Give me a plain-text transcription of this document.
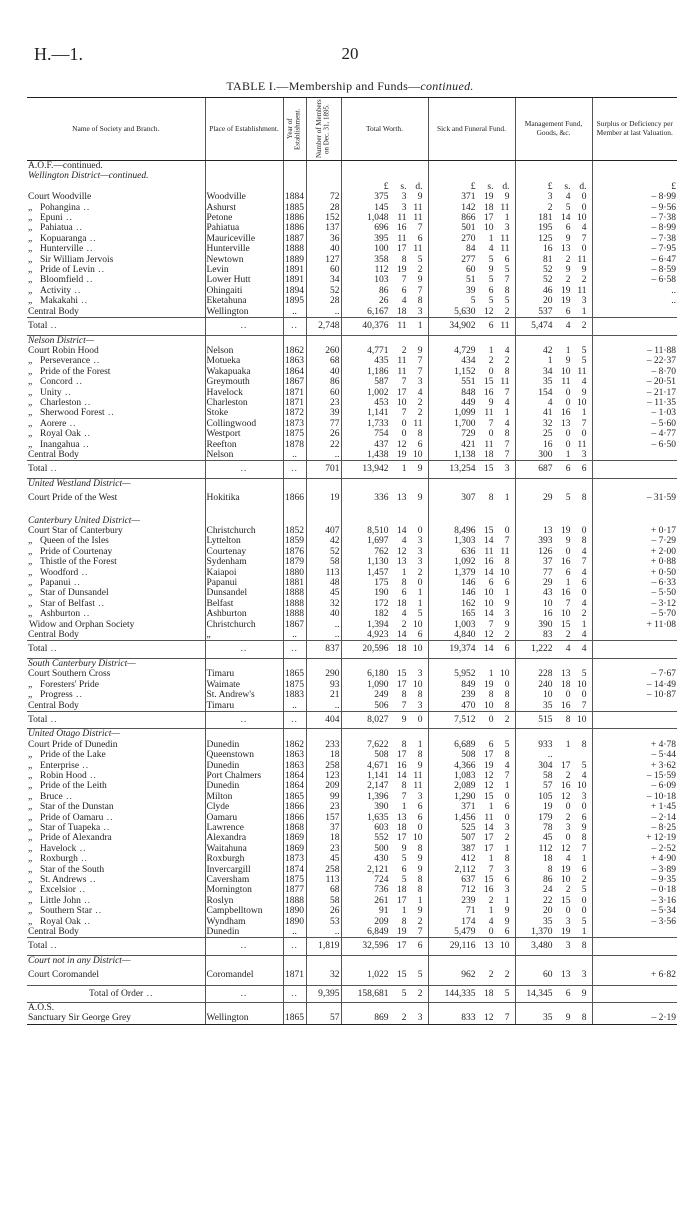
H.—1.	20
TABLE I.—Membership and Funds—continued.
Name of Society and Branch.	Place of Establishment.	Year of Establishment.	Number of Members on Dec. 31, 1895.	Total Worth.	Sick and Funeral Fund.	Management Fund, Goods, &c.	Surplus or Deficiency per Member at last Valuation.
A.O.F.—continued.							
Wellington District—continued.							

				£ s. d.	£ s. d.	£ s. d.	£
Court Woodville	Woodville	1884	72	375 3 9	371 19 9	3 4 0	– 8·99
„ Pohangina ..	Ashurst	1885	28	145 3 11	142 18 11	2 5 0	– 9·56
„ Epuni ..	Petone	1886	152	1,048 11 11	866 17 1	181 14 10	– 7·38
„ Pahiatua ..	Pahiatua	1886	137	696 16 7	501 10 3	195 6 4	– 8·99
„ Kopuaranga ..	Mauriceville	1887	36	395 11 6	270 1 11	125 9 7	– 7·38
„ Hunterville ..	Hunterville	1888	40	100 17 11	84 4 11	16 13 0	– 7·95
„ Sir William Jervois	Newtown	1889	127	358 8 5	277 5 6	81 2 11	– 6·47
„ Pride of Levin ..	Levin	1891	60	112 19 2	60 9 5	52 9 9	– 8·59
„ Bloomfield ..	Lower Hutt	1891	34	103 7 9	51 5 7	52 2 2	– 6·58
„ Activity ..	Ohingaiti	1894	52	86 6 7	39 6 8	46 19 11	..
„ Makakahi ..	Eketahuna	1895	28	26 4 8	5 5 5	20 19 3	..
Central Body	Wellington	..	..	6,167 18 3	5,630 12 2	537 6 1	

Total ..	..	..	2,748	40,376 11 1	34,902 6 11	5,474 4 2	

Nelson District—							
Court Robin Hood	Nelson	1862	260	4,771 2 9	4,729 1 4	42 1 5	– 11·88
„ Perseverance ..	Motueka	1863	68	435 11 7	434 2 2	1 9 5	– 22·37
„ Pride of the Forest	Wakapuaka	1864	40	1,186 11 7	1,152 0 8	34 10 11	– 8·70
„ Concord ..	Greymouth	1867	86	587 7 3	551 15 11	35 11 4	– 20·51
„ Unity ..	Havelock	1871	60	1,002 17 4	848 16 7	154 0 9	– 21·17
„ Charleston ..	Charleston	1871	23	453 10 2	449 9 4	4 0 10	– 11·35
„ Sherwood Forest ..	Stoke	1872	39	1,141 7 2	1,099 11 1	41 16 1	– 1·03
„ Aorere ..	Collingwood	1873	77	1,733 0 11	1,700 7 4	32 13 7	– 5·60
„ Royal Oak ..	Westport	1875	26	754 0 8	729 0 8	25 0 0	– 4·77
„ Inangahua ..	Reefton	1878	22	437 12 6	421 11 7	16 0 11	– 6·50
Central Body	Nelson	..	..	1,438 19 10	1,138 18 7	300 1 3	

Total ..	..	..	701	13,942 1 9	13,254 15 3	687 6 6	

United Westland District—							
Court Pride of the West	Hokitika	1866	19	336 13 9	307 8 1	29 5 8	– 31·59

Canterbury United District—							
Court Star of Canterbury	Christchurch	1852	407	8,510 14 0	8,496 15 0	13 19 0	+ 0·17
„ Queen of the Isles	Lyttelton	1859	42	1,697 4 3	1,303 14 7	393 9 8	– 7·29
„ Pride of Courtenay	Courtenay	1876	52	762 12 3	636 11 11	126 0 4	+ 2·00
„ Thistle of the Forest	Sydenham	1879	58	1,130 13 3	1,092 16 8	37 16 7	+ 0·88
„ Woodford ..	Kaiapoi	1880	113	1,457 1 2	1,379 14 10	77 6 4	+ 0·50
„ Papanui ..	Papanui	1881	48	175 8 0	146 6 6	29 1 6	– 6·33
„ Star of Dunsandel	Dunsandel	1888	45	190 6 1	146 10 1	43 16 0	– 5·50
„ Star of Belfast ..	Belfast	1888	32	172 18 1	162 10 9	10 7 4	– 3·12
„ Ashburton ..	Ashburton	1888	40	182 4 5	165 14 3	16 10 2	– 5·70
Widow and Orphan Society	Christchurch	1867	..	1,394 2 10	1,003 7 9	390 15 1	+ 11·08
Central Body	„	..	..	4,923 14 6	4,840 12 2	83 2 4	

Total ..	..	..	837	20,596 18 10	19,374 14 6	1,222 4 4	

South Canterbury District—							
Court Southern Cross	Timaru	1865	290	6,180 15 3	5,952 1 10	228 13 5	– 7·67
„ Foresters' Pride	Waimate	1875	93	1,090 17 10	849 19 0	240 18 10	– 14·49
„ Progress ..	St. Andrew's	1883	21	249 8 8	239 8 8	10 0 0	– 10·87
Central Body	Timaru	..	..	506 7 3	470 10 8	35 16 7	

Total ..	..	..	404	8,027 9 0	7,512 0 2	515 8 10	

United Otago District—							
Court Pride of Dunedin	Dunedin	1862	233	7,622 8 1	6,689 6 5	933 1 8	+ 4·78
„ Pride of the Lake	Queenstown	1863	18	508 17 8	508 17 8	..	– 5·44
„ Enterprise ..	Dunedin	1863	258	4,671 16 9	4,366 19 4	304 17 5	+ 3·62
„ Robin Hood ..	Port Chalmers	1864	123	1,141 14 11	1,083 12 7	58 2 4	– 15·59
„ Pride of the Leith	Dunedin	1864	209	2,147 8 11	2,089 12 1	57 16 10	– 6·09
„ Bruce ..	Milton	1865	99	1,396 7 3	1,290 15 0	105 12 3	– 10·18
„ Star of the Dunstan	Clyde	1866	23	390 1 6	371 1 6	19 0 0	+ 1·45
„ Pride of Oamaru ..	Oamaru	1866	157	1,635 13 6	1,456 11 0	179 2 6	– 2·14
„ Star of Tuapeka ..	Lawrence	1868	37	603 18 0	525 14 3	78 3 9	– 8·25
„ Pride of Alexandra	Alexandra	1869	18	552 17 10	507 17 2	45 0 8	+ 12·19
„ Havelock ..	Waitahuna	1869	23	500 9 8	387 17 1	112 12 7	– 2·52
„ Roxburgh ..	Roxburgh	1873	45	430 5 9	412 1 8	18 4 1	+ 4·90
„ Star of the South	Invercargill	1874	258	2,121 6 9	2,112 7 3	8 19 6	– 3·89
„ St. Andrews ..	Caversham	1875	113	724 5 8	637 15 6	86 10 2	– 9·35
„ Excelsior ..	Mornington	1877	68	736 18 8	712 16 3	24 2 5	– 0·18
„ Little John ..	Roslyn	1888	58	261 17 1	239 2 1	22 15 0	– 3·16
„ Southern Star ..	Campbelltown	1890	26	91 1 9	71 1 9	20 0 0	– 5·34
„ Royal Oak ..	Wyndham	1890	53	209 8 2	174 4 9	35 3 5	– 3·56
Central Body	Dunedin	..	..	6,849 19 7	5,479 0 6	1,370 19 1	

Total ..	..	..	1,819	32,596 17 6	29,116 13 10	3,480 3 8	

Court not in any District—							
Court Coromandel	Coromandel	1871	32	1,022 15 5	962 2 2	60 13 3	+ 6·82
Total of Order ..	..	..	9,395	158,681 5 2	144,335 18 5	14,345 6 9	

A.O.S.							
Sanctuary Sir George Grey	Wellington	1865	57	869 2 3	833 12 7	35 9 8	– 2·19
